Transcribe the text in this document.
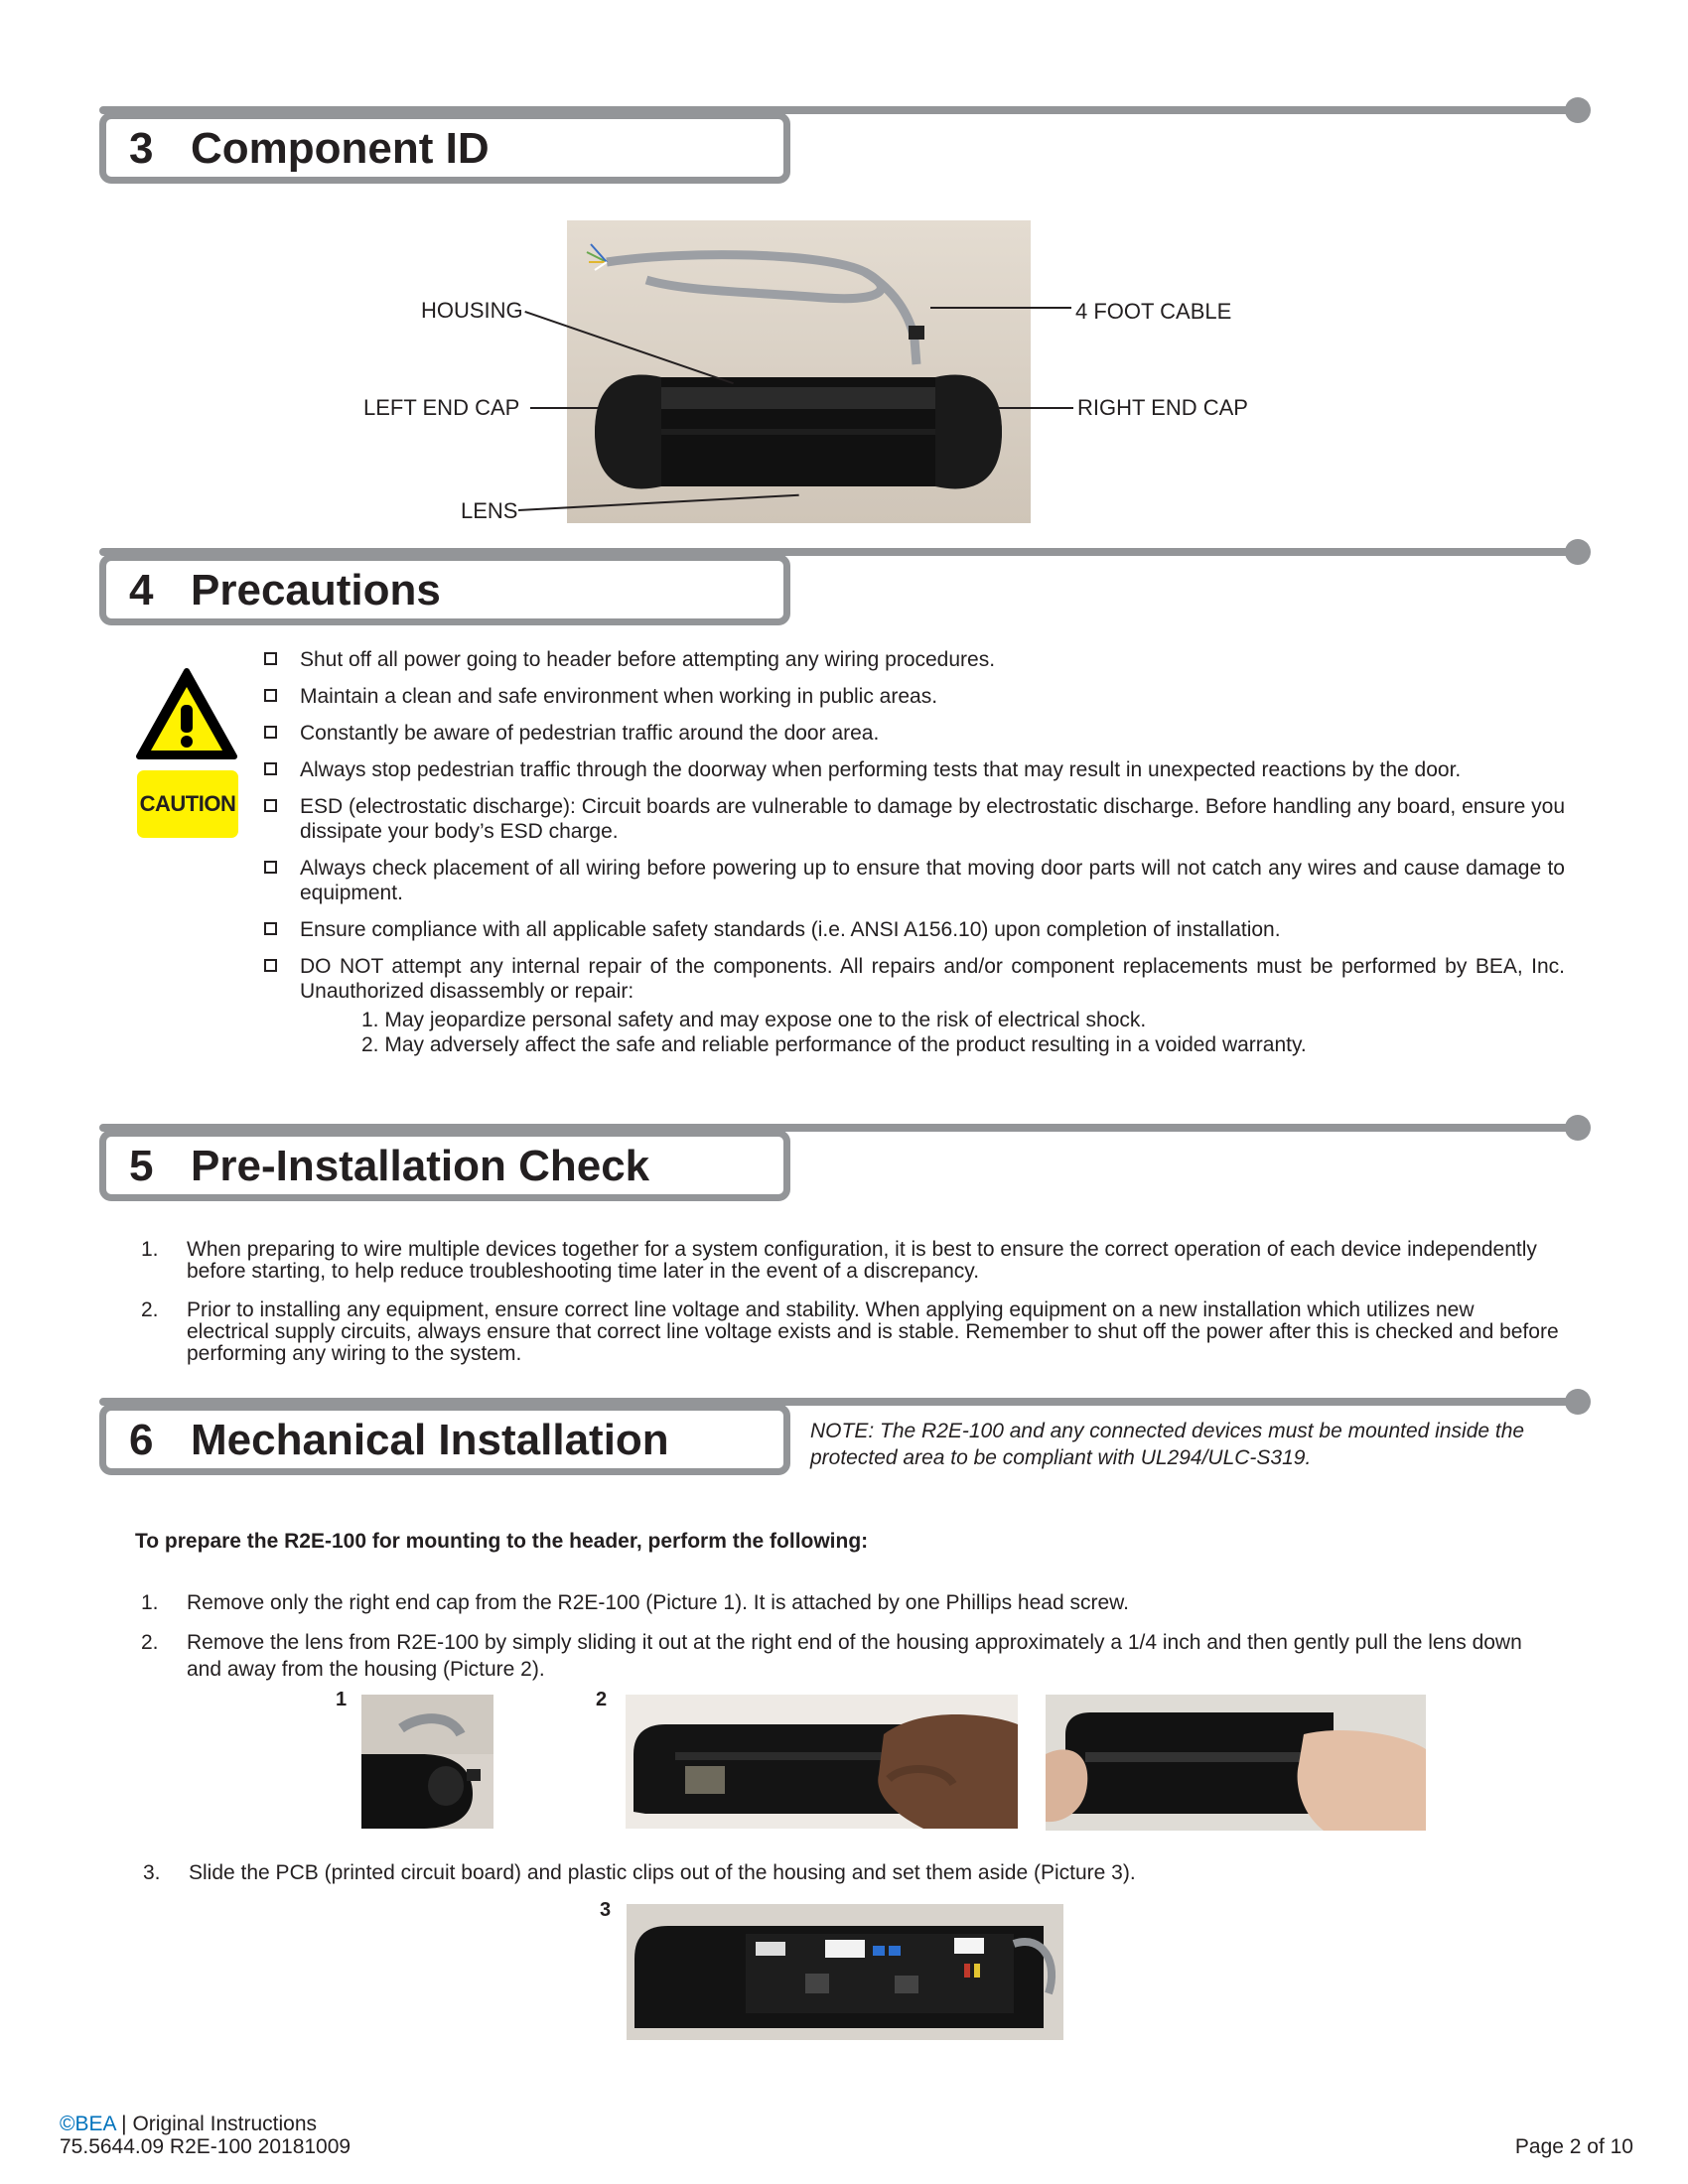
3 Component ID
HOUSING	4 FOOT CABLE
LEFT END CAP	RIGHT END CAP
LENS
4 Precautions
CAUTION
Shut off all power going to header before attempting any wiring procedures.
Maintain a clean and safe environment when working in public areas.
Constantly be aware of pedestrian traffic around the door area.
Always stop pedestrian traffic through the doorway when performing tests that may result in unexpected reactions by the door.
ESD (electrostatic discharge): Circuit boards are vulnerable to damage by electrostatic discharge. Before handling any board, ensure you dissipate your body’s ESD charge.
Always check placement of all wiring before powering up to ensure that moving door parts will not catch any wires and cause damage to equipment.
Ensure compliance with all applicable safety standards (i.e. ANSI A156.10) upon completion of installation.
DO NOT attempt any internal repair of the components. All repairs and/or component replacements must be performed by BEA, Inc. Unauthorized disassembly or repair:
1. May jeopardize personal safety and may expose one to the risk of electrical shock.
2. May adversely affect the safe and reliable performance of the product resulting in a voided warranty.
5 Pre-Installation Check
1. When preparing to wire multiple devices together for a system configuration, it is best to ensure the correct operation of each device independently before starting, to help reduce troubleshooting time later in the event of a discrepancy.
2. Prior to installing any equipment, ensure correct line voltage and stability. When applying equipment on a new installation which utilizes new electrical supply circuits, always ensure that correct line voltage exists and is stable. Remember to shut off the power after this is checked and before performing any wiring to the system.
6 Mechanical Installation	NOTE: The R2E-100 and any connected devices must be mounted inside the protected area to be compliant with UL294/ULC-S319.
To prepare the R2E-100 for mounting to the header, perform the following:
1. Remove only the right end cap from the R2E-100 (Picture 1). It is attached by one Phillips head screw.
2. Remove the lens from R2E-100 by simply sliding it out at the right end of the housing approximately a 1/4 inch and then gently pull the lens down and away from the housing (Picture 2).
1	2
3. Slide the PCB (printed circuit board) and plastic clips out of the housing and set them aside (Picture 3).
3
©BEA | Original Instructions
75.5644.09 R2E-100 20181009	Page 2 of 10
